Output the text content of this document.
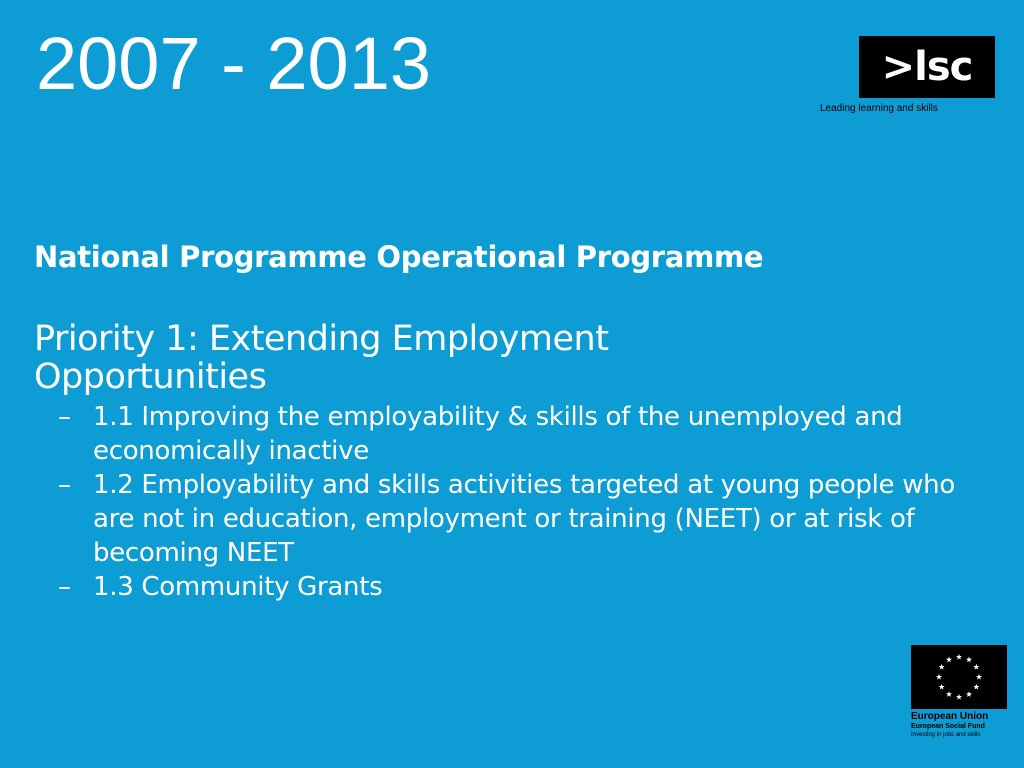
2007 - 2013	>lsc
Leading learning and skills

National Programme Operational Programme

Priority 1: Extending Employment Opportunities

– 1.1 Improving the employability & skills of the unemployed and economically inactive
– 1.2 Employability and skills activities targeted at young people who are not in education, employment or training (NEET) or at risk of becoming NEET
– 1.3 Community Grants
European Union
European Social Fund
Investing in jobs and skills
